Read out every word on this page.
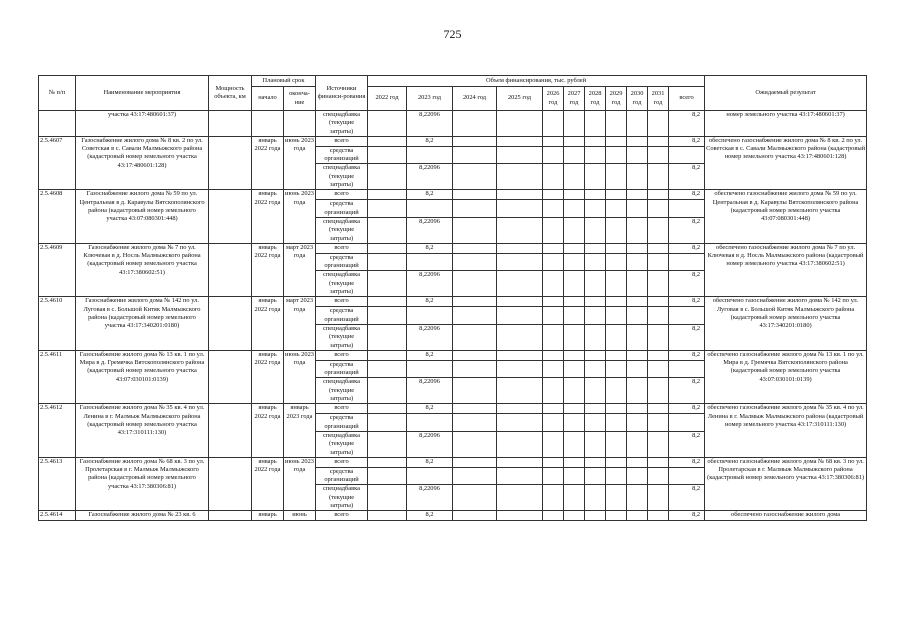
725
№ п/п	Наименование мероприятия	Мощность объекта, км	Плановый срок		Источники финанси-рования	Объем финансирования, тыс. рублей											Ожидаемый результат
			начало	оконча-ние		2022 год	2023 год	2024 год	2025 год	2026 год	2027 год	2028 год	2029 год	2030 год	2031 год	всего	

	участка 43:17:480601:37)				спецнадбавка (текущие затраты)		8,22096									8,2	номер земельного участка 43:17:480601:37)
2.5.4607	Газоснабжение жилого дома № 8 кв. 2 по ул. Советская в с. Савали Малмыжского района (кадастровый номер земельного участка 43:17:480601:128)		январь 2022 года	июнь 2023 года	всего		8,2									8,2	обеспечено газоснабжение жилого дома № 8 кв. 2 по ул. Советская в с. Савали Малмыжского района (кадастровый номер земельного участка 43:17:480601:128)
					средства организаций												
					спецнадбавка (текущие затраты)		8,22096									8,2	
2.5.4608	Газоснабжение жилого дома № 59 по ул. Центральная в д. Каравулы Вятскополянского района (кадастровый номер земельного участка 43:07:080301:448)		январь 2022 года	июнь 2023 года	всего		8,2									8,2	обеспечено газоснабжение жилого дома № 59 по ул. Центральная в д. Каравулы Вятскополянского района (кадастровый номер земельного участка 43:07:080301:448)
					средства организаций												
					спецнадбавка (текущие затраты)		8,22096									8,2	
2.5.4609	Газоснабжение жилого дома № 7 по ул. Ключевая в д. Носль Малмыжского района (кадастровый номер земельного участка 43:17:380602:51)		январь 2022 года	март 2023 года	всего		8,2									8,2	обеспечено газоснабжение жилого дома № 7 по ул. Ключевая в д. Носль Малмыжского района (кадастровый номер земельного участка 43:17:380602:51)
					средства организаций												
					спецнадбавка (текущие затраты)		8,22096									8,2	
2.5.4610	Газоснабжение жилого дома № 142 по ул. Луговая в с. Большой Китяк Малмыжского района (кадастровый номер земельного участка 43:17:340201:0180)		январь 2022 года	март 2023 года	всего		8,2									8,2	обеспечено газоснабжение жилого дома № 142 по ул. Луговая в с. Большой Китяк Малмыжского района (кадастровый номер земельного участка 43:17:340201:0180)
					средства организаций												
					спецнадбавка (текущие затраты)		8,22096									8,2	
2.5.4611	Газоснабжение жилого дома № 13 кв. 1 по ул. Мира в д. Гремячка Вятскополянского района (кадастровый номер земельного участка 43:07:030101:0139)		январь 2022 года	июнь 2023 года	всего		8,2									8,2	обеспечено газоснабжение жилого дома № 13 кв. 1 по ул. Мира в д. Гремячка Вятскополянского района (кадастровый номер земельного участка 43:07:030101:0139)
					средства организаций												
					спецнадбавка (текущие затраты)		8,22096									8,2	
2.5.4612	Газоснабжение жилого дома № 35 кв. 4 по ул. Ленина в г. Малмыж Малмыжского района (кадастровый номер земельного участка 43:17:310111:130)		январь 2022 года	январь 2023 года	всего		8,2									8,2	обеспечено газоснабжение жилого дома № 35 кв. 4 по ул. Ленина в г. Малмыж Малмыжского района (кадастровый номер земельного участка 43:17:310111:130)
					средства организаций												
					спецнадбавка (текущие затраты)		8,22096									8,2	
2.5.4613	Газоснабжение жилого дома № 68 кв. 3 по ул. Пролетарская в г. Малмыж Малмыжского района (кадастровый номер земельного участка 43:17:380306:81)		январь 2022 года	июнь 2023 года	всего		8,2									8,2	обеспечено газоснабжение жилого дома № 68 кв. 3 по ул. Пролетарская в г. Малмыж Малмыжского района (кадастровый номер земельного участка 43:17:380306:81)
					средства организаций												
					спецнадбавка (текущие затраты)		8,22096									8,2	
2.5.4614	Газоснабжение жилого дома № 23 кв. 6		январь	июнь	всего		8,2									8,2	обеспечено газоснабжение жилого дома
